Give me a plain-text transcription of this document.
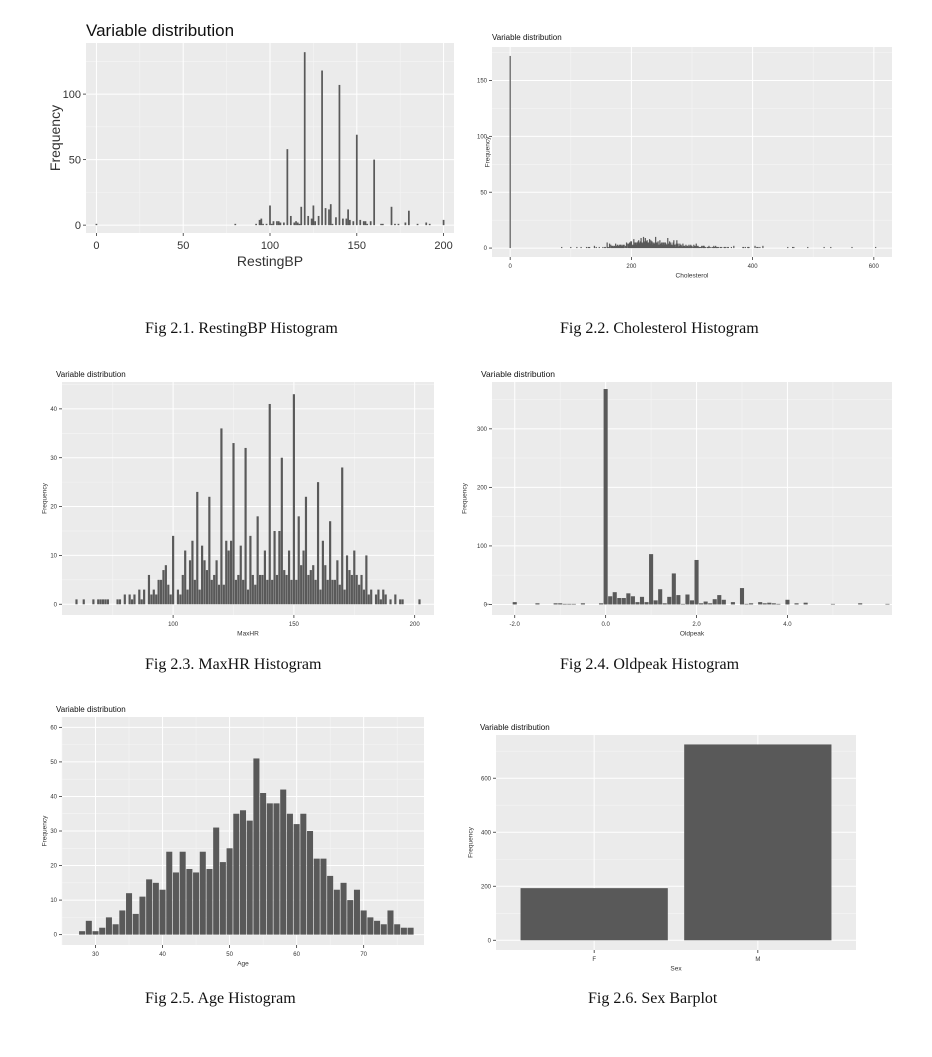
0
50
100
0	50	100	150	200
Variable distribution
RestingBP
Frequency
Fig 2.1. RestingBP Histogram
0
50
100
150
0	200	400	600
Variable distribution
Cholesterol
Frequency
Fig 2.2. Cholesterol Histogram
0
10
20
30
40
100	150	200
Variable distribution
MaxHR
Frequency
Fig 2.3. MaxHR Histogram
0
100
200
300
-2.0	0.0	2.0	4.0
Variable distribution
Oldpeak
Frequency
Fig 2.4. Oldpeak Histogram
0
10
20
30
40
50
60
30	40	50	60	70
Variable distribution
Age
Frequency
Fig 2.5. Age Histogram
0
200
400
600
F	M
Variable distribution
Sex
Frequency
Fig 2.6. Sex Barplot
